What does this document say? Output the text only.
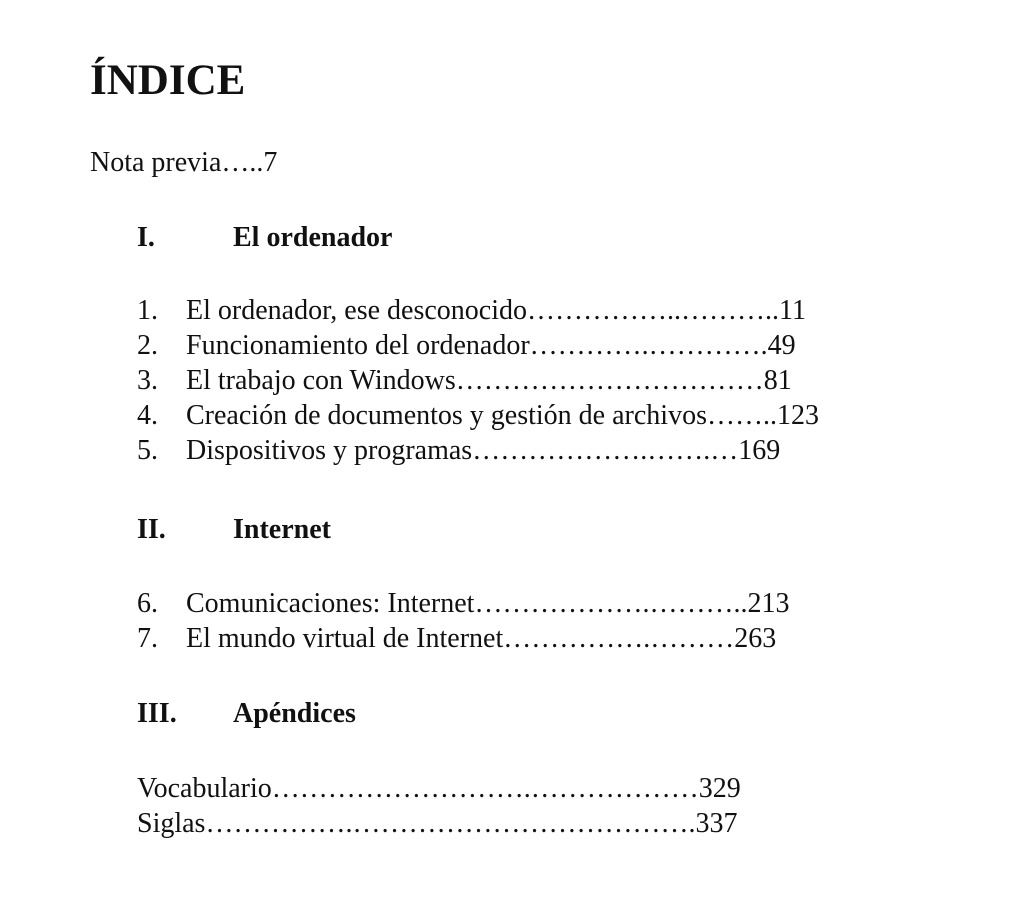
ÍNDICE
Nota previa…..7
I.	El ordenador
1. El ordenador, ese desconocido……………..………..11
2. Funcionamiento del ordenador………….………….49
3. El trabajo con Windows……………………………81
4. Creación de documentos y gestión de archivos……..123
5. Dispositivos y programas……………….…….…169
II. Internet
6. Comunicaciones: Internet……………….………..213
7. El mundo virtual de Internet…………….………263
III. Apéndices
Vocabulario……………………….………………329
Siglas…………….……………………………….337
